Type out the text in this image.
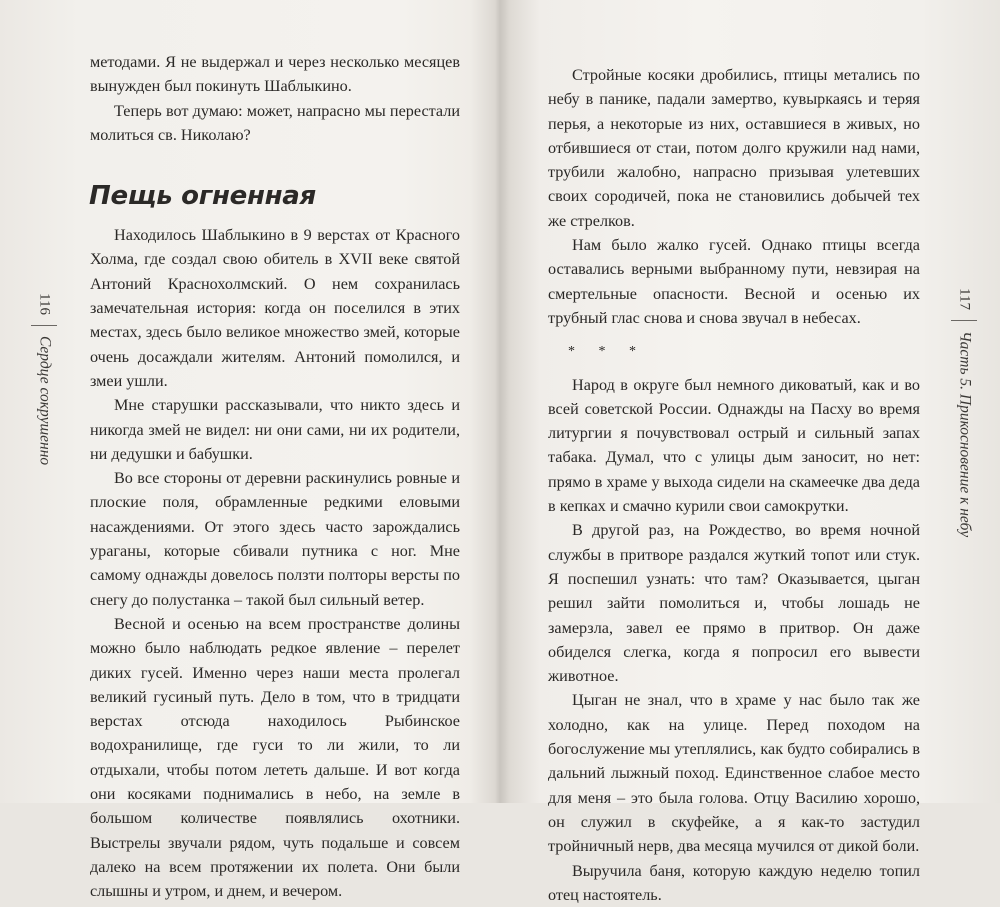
116Сердце сокрушенно

методами. Я не выдержал и через несколько месяцев вынужден был покинуть Шаблыкино.

Теперь вот думаю: может, напрасно мы перестали молиться св. Николаю?

Пещь огненная

Находилось Шаблыкино в 9 верстах от Красного Холма, где создал свою обитель в XVII веке святой Антоний Краснохолмский. О нем сохранилась замечательная история: когда он поселился в этих местах, здесь было великое множество змей, которые очень досаждали жителям. Антоний помолился, и змеи ушли.

Мне старушки рассказывали, что никто здесь и никогда змей не видел: ни они сами, ни их родители, ни дедушки и бабушки.

Во все стороны от деревни раскинулись ровные и плоские поля, обрамленные редкими еловыми насаждениями. От этого здесь часто зарождались ураганы, которые сбивали путника с ног. Мне самому однажды довелось ползти полторы версты по снегу до полустанка – такой был сильный ветер.

Весной и осенью на всем пространстве долины можно было наблюдать редкое явление – перелет диких гусей. Именно через наши места пролегал великий гусиный путь. Дело в том, что в тридцати верстах отсюда находилось Рыбинское водохранилище, где гуси то ли жили, то ли отдыхали, чтобы потом лететь дальше. И вот когда они косяками поднимались в небо, на земле в большом количестве появлялись охотники. Выстрелы звучали рядом, чуть подальше и совсем далеко на всем протяжении их полета. Они были слышны и утром, и днем, и вечером.

Стройные косяки дробились, птицы метались по небу в панике, падали замертво, кувыркаясь и теряя перья, а некоторые из них, оставшиеся в живых, но отбившиеся от стаи, потом долго кружили над нами, трубили жалобно, напрасно призывая улетевших своих сородичей, пока не становились добычей тех же стрелков.

Нам было жалко гусей. Однако птицы всегда оставались верными выбранному пути, невзирая на смертельные опасности. Весной и осенью их трубный глас снова и снова звучал в небесах.

* * *

Народ в округе был немного диковатый, как и во всей советской России. Однажды на Пасху во время литургии я почувствовал острый и сильный запах табака. Думал, что с улицы дым заносит, но нет: прямо в храме у выхода сидели на скамеечке два деда в кепках и смачно курили свои самокрутки.

В другой раз, на Рождество, во время ночной службы в притворе раздался жуткий топот или стук. Я поспешил узнать: что там? Оказывается, цыган решил зайти помолиться и, чтобы лошадь не замерзла, завел ее прямо в притвор. Он даже обиделся слегка, когда я попросил его вывести животное.

Цыган не знал, что в храме у нас было так же холодно, как на улице. Перед походом на богослужение мы утеплялись, как будто собирались в дальний лыжный поход. Единственное слабое место для меня – это была голова. Отцу Василию хорошо, он служил в скуфейке, а я как-то застудил тройничный нерв, два месяца мучился от дикой боли.

Выручила баня, которую каждую неделю топил отец настоятель.

117Часть 5. Прикосновение к небу
